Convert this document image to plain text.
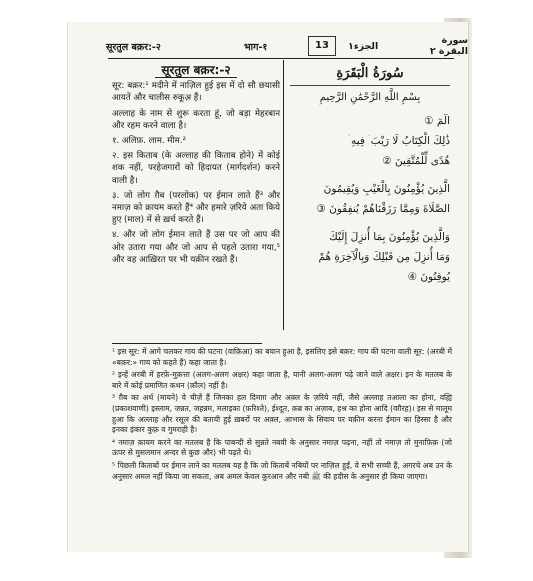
सूरतुल बक़र:-२	भाग-१	13	الجزء١	سورة البقرة ٢
सूरतुल बक़र:-२

सूर: बक़र:¹ मदीने में नाज़िल हुई इस में दो सौ छयासी आयतें और चालीस रुकूअ़ हैं।

अल्लाह के नाम से शुरू करता हूं, जो बड़ा मेहरबान और रहम करने वाला है।

१. अलिफ़. लाम. मीम.²

२. इस किताब (के अल्लाह की किताब होने) में कोई शक नहीं, परहेजगारों को हिदायत (मार्गदर्शन) करने वाली है।

३. जो लोग ग़ैब (परलोक) पर ईमान लाते हैं³ और नमाज़ को क़ायम करते हैं⁴ और हमारे ज़रिये अता किये हुए (माल) में से ख़र्च करते हैं।

४. और जो लोग ईमान लाते हैं उस पर जो आप की ओर उतारा गया और जो आप से पहले उतारा गया,⁵ और वह आख़िरत पर भी यक़ीन रखते हैं।

سُورَةُ الْبَقَرَةِ
بِسْمِ اللَّهِ الرَّحْمَٰنِ الرَّحِيمِ
الٓمٓ ①
ذَٰلِكَ الْكِتَابُ لَا رَيْبَ ۛ فِيهِ ۛ
هُدًى لِّلْمُتَّقِينَ ②
الَّذِينَ يُؤْمِنُونَ بِالْغَيْبِ وَيُقِيمُونَ
الصَّلَاةَ وَمِمَّا رَزَقْنَاهُمْ يُنفِقُونَ ③
وَالَّذِينَ يُؤْمِنُونَ بِمَا أُنزِلَ إِلَيْكَ
وَمَا أُنزِلَ مِن قَبْلِكَ وَبِالْآخِرَةِ هُمْ
يُوقِنُونَ ④

¹ इस सूर: में आगे चलकर गाय की घटना (वाक़िआ) का बयान हुआ है, इसलिए इसे बक़र: गाय की घटना वाली सूर: (अरबी में «बक़र:» गाय को कहते हैं) कहा जाता है।

² इन्हें अरबी में हरफ़े-मुक़त्ता (अलग-अलग अक्षर) कहा जाता है, यानी अलग-अलग पढ़े जाने वाले अक्षर। इन के मतलब के बारे में कोई प्रमाणित कथन (क़ौल) नहीं है।

³ ग़ैब का अर्थ (मायने) वे चीज़ें हैं जिनका हल दिमाग़ और अक़्ल के ज़रिये नहीं, जैसे अल्लाह तआला का होना, वह्यि (प्रकाशवाणी) इस्लाम, जन्नत, जहन्नम, मलाइका (फ़रिश्ते), ईश्दूत, क़ब्र का अज़ाब, हश्र का होना आदि (वग़ैरह)। इस से मालूम हुआ कि अल्लाह और रसूल की बतायी हुई ख़बरों पर अक़्ल, आभास के सिवाय पर यक़ीन करना ईमान का हिस्सा है और इनका इंकार कुफ़्र व गुमराही है।

⁴ नमाज़ क़ायम करने का मतलब है कि पाबन्दी से सुन्नते नबवी के अनुसार नमाज़ पढ़ना, नहीं तो नमाज़ तो मुनाफ़िक़ (जो ऊपर से मुसलमान अन्दर से कुछ और) भी पढ़ते थे।

⁵ पिछली किताबों पर ईमान लाने का मतलब यह है कि जो किताबें नबियों पर नाज़िल हुईं, वे सभी सच्ची हैं, अगरचे अब उन के अनुसार अमल नहीं किया जा सकता, अब अमल केवल क़ुरआन और नबी ﷺ की हदीस के अनुसार ही किया जाएगा।
